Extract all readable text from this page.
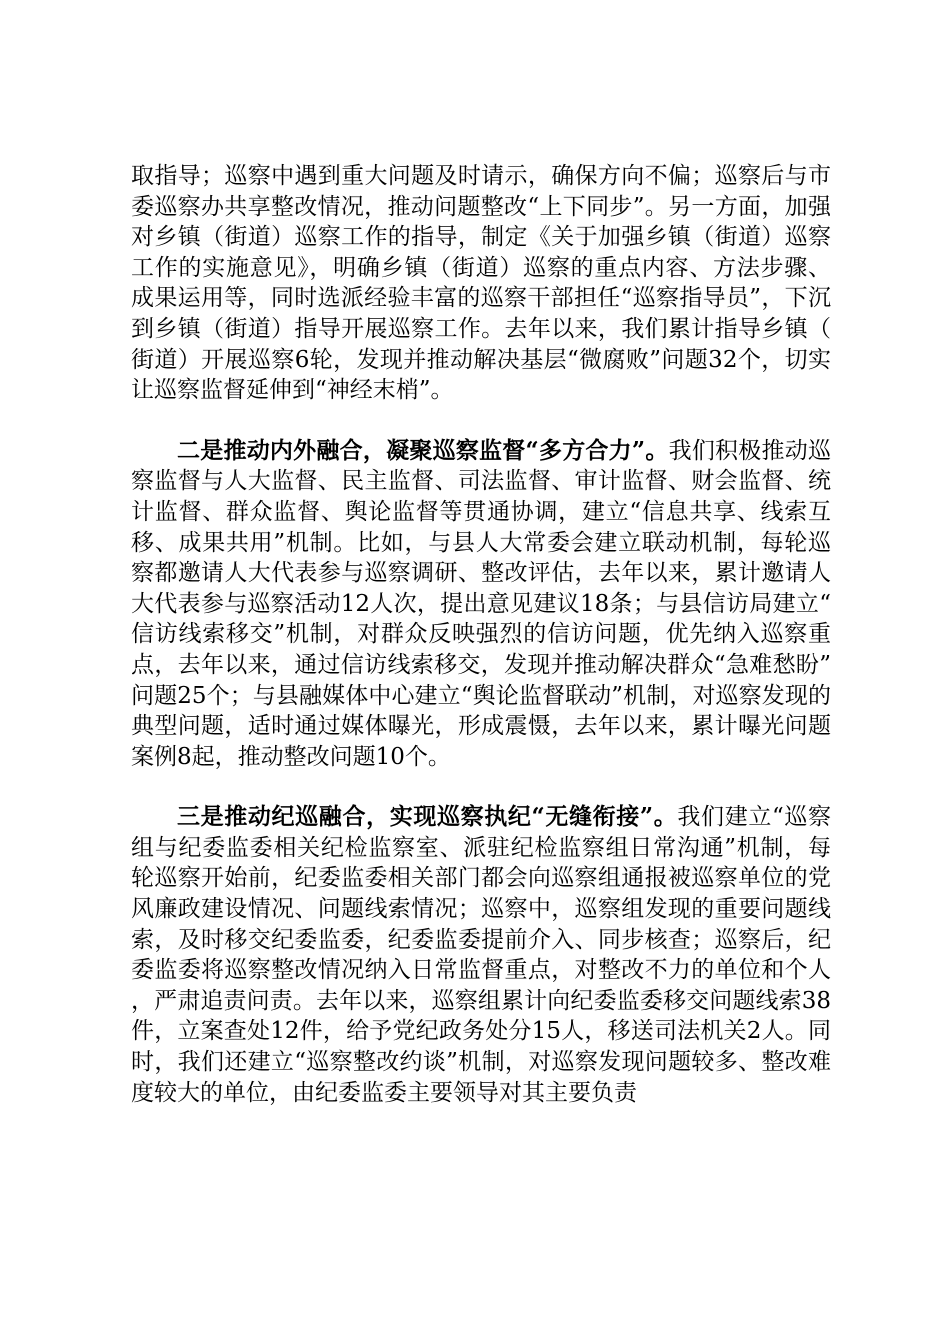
取指导；巡察中遇到重大问题及时请示，确保方向不偏；巡察后与市委巡察办共享整改情况，推动问题整改“上下同步”。另一方面，加强对乡镇（街道）巡察工作的指导，制定《关于加强乡镇（街道）巡察工作的实施意见》，明确乡镇（街道）巡察的重点内容、方法步骤、成果运用等，同时选派经验丰富的巡察干部担任“巡察指导员”，下沉到乡镇（街道）指导开展巡察工作。去年以来，我们累计指导乡镇（街道）开展巡察6轮，发现并推动解决基层“微腐败”问题32个，切实让巡察监督延伸到“神经末梢”。

二是推动内外融合，凝聚巡察监督“多方合力”。我们积极推动巡察监督与人大监督、民主监督、司法监督、审计监督、财会监督、统计监督、群众监督、舆论监督等贯通协调，建立“信息共享、线索互移、成果共用”机制。比如，与县人大常委会建立联动机制，每轮巡察都邀请人大代表参与巡察调研、整改评估，去年以来，累计邀请人大代表参与巡察活动12人次，提出意见建议18条；与县信访局建立“信访线索移交”机制，对群众反映强烈的信访问题，优先纳入巡察重点，去年以来，通过信访线索移交，发现并推动解决群众“急难愁盼”问题25个；与县融媒体中心建立“舆论监督联动”机制，对巡察发现的典型问题，适时通过媒体曝光，形成震慑，去年以来，累计曝光问题案例8起，推动整改问题10个。

三是推动纪巡融合，实现巡察执纪“无缝衔接”。我们建立“巡察组与纪委监委相关纪检监察室、派驻纪检监察组日常沟通”机制，每轮巡察开始前，纪委监委相关部门都会向巡察组通报被巡察单位的党风廉政建设情况、问题线索情况；巡察中，巡察组发现的重要问题线索，及时移交纪委监委，纪委监委提前介入、同步核查；巡察后，纪委监委将巡察整改情况纳入日常监督重点，对整改不力的单位和个人，严肃追责问责。去年以来，巡察组累计向纪委监委移交问题线索38件，立案查处12件，给予党纪政务处分15人，移送司法机关2人。同时，我们还建立“巡察整改约谈”机制，对巡察发现问题较多、整改难度较大的单位，由纪委监委主要领导对其主要负责
